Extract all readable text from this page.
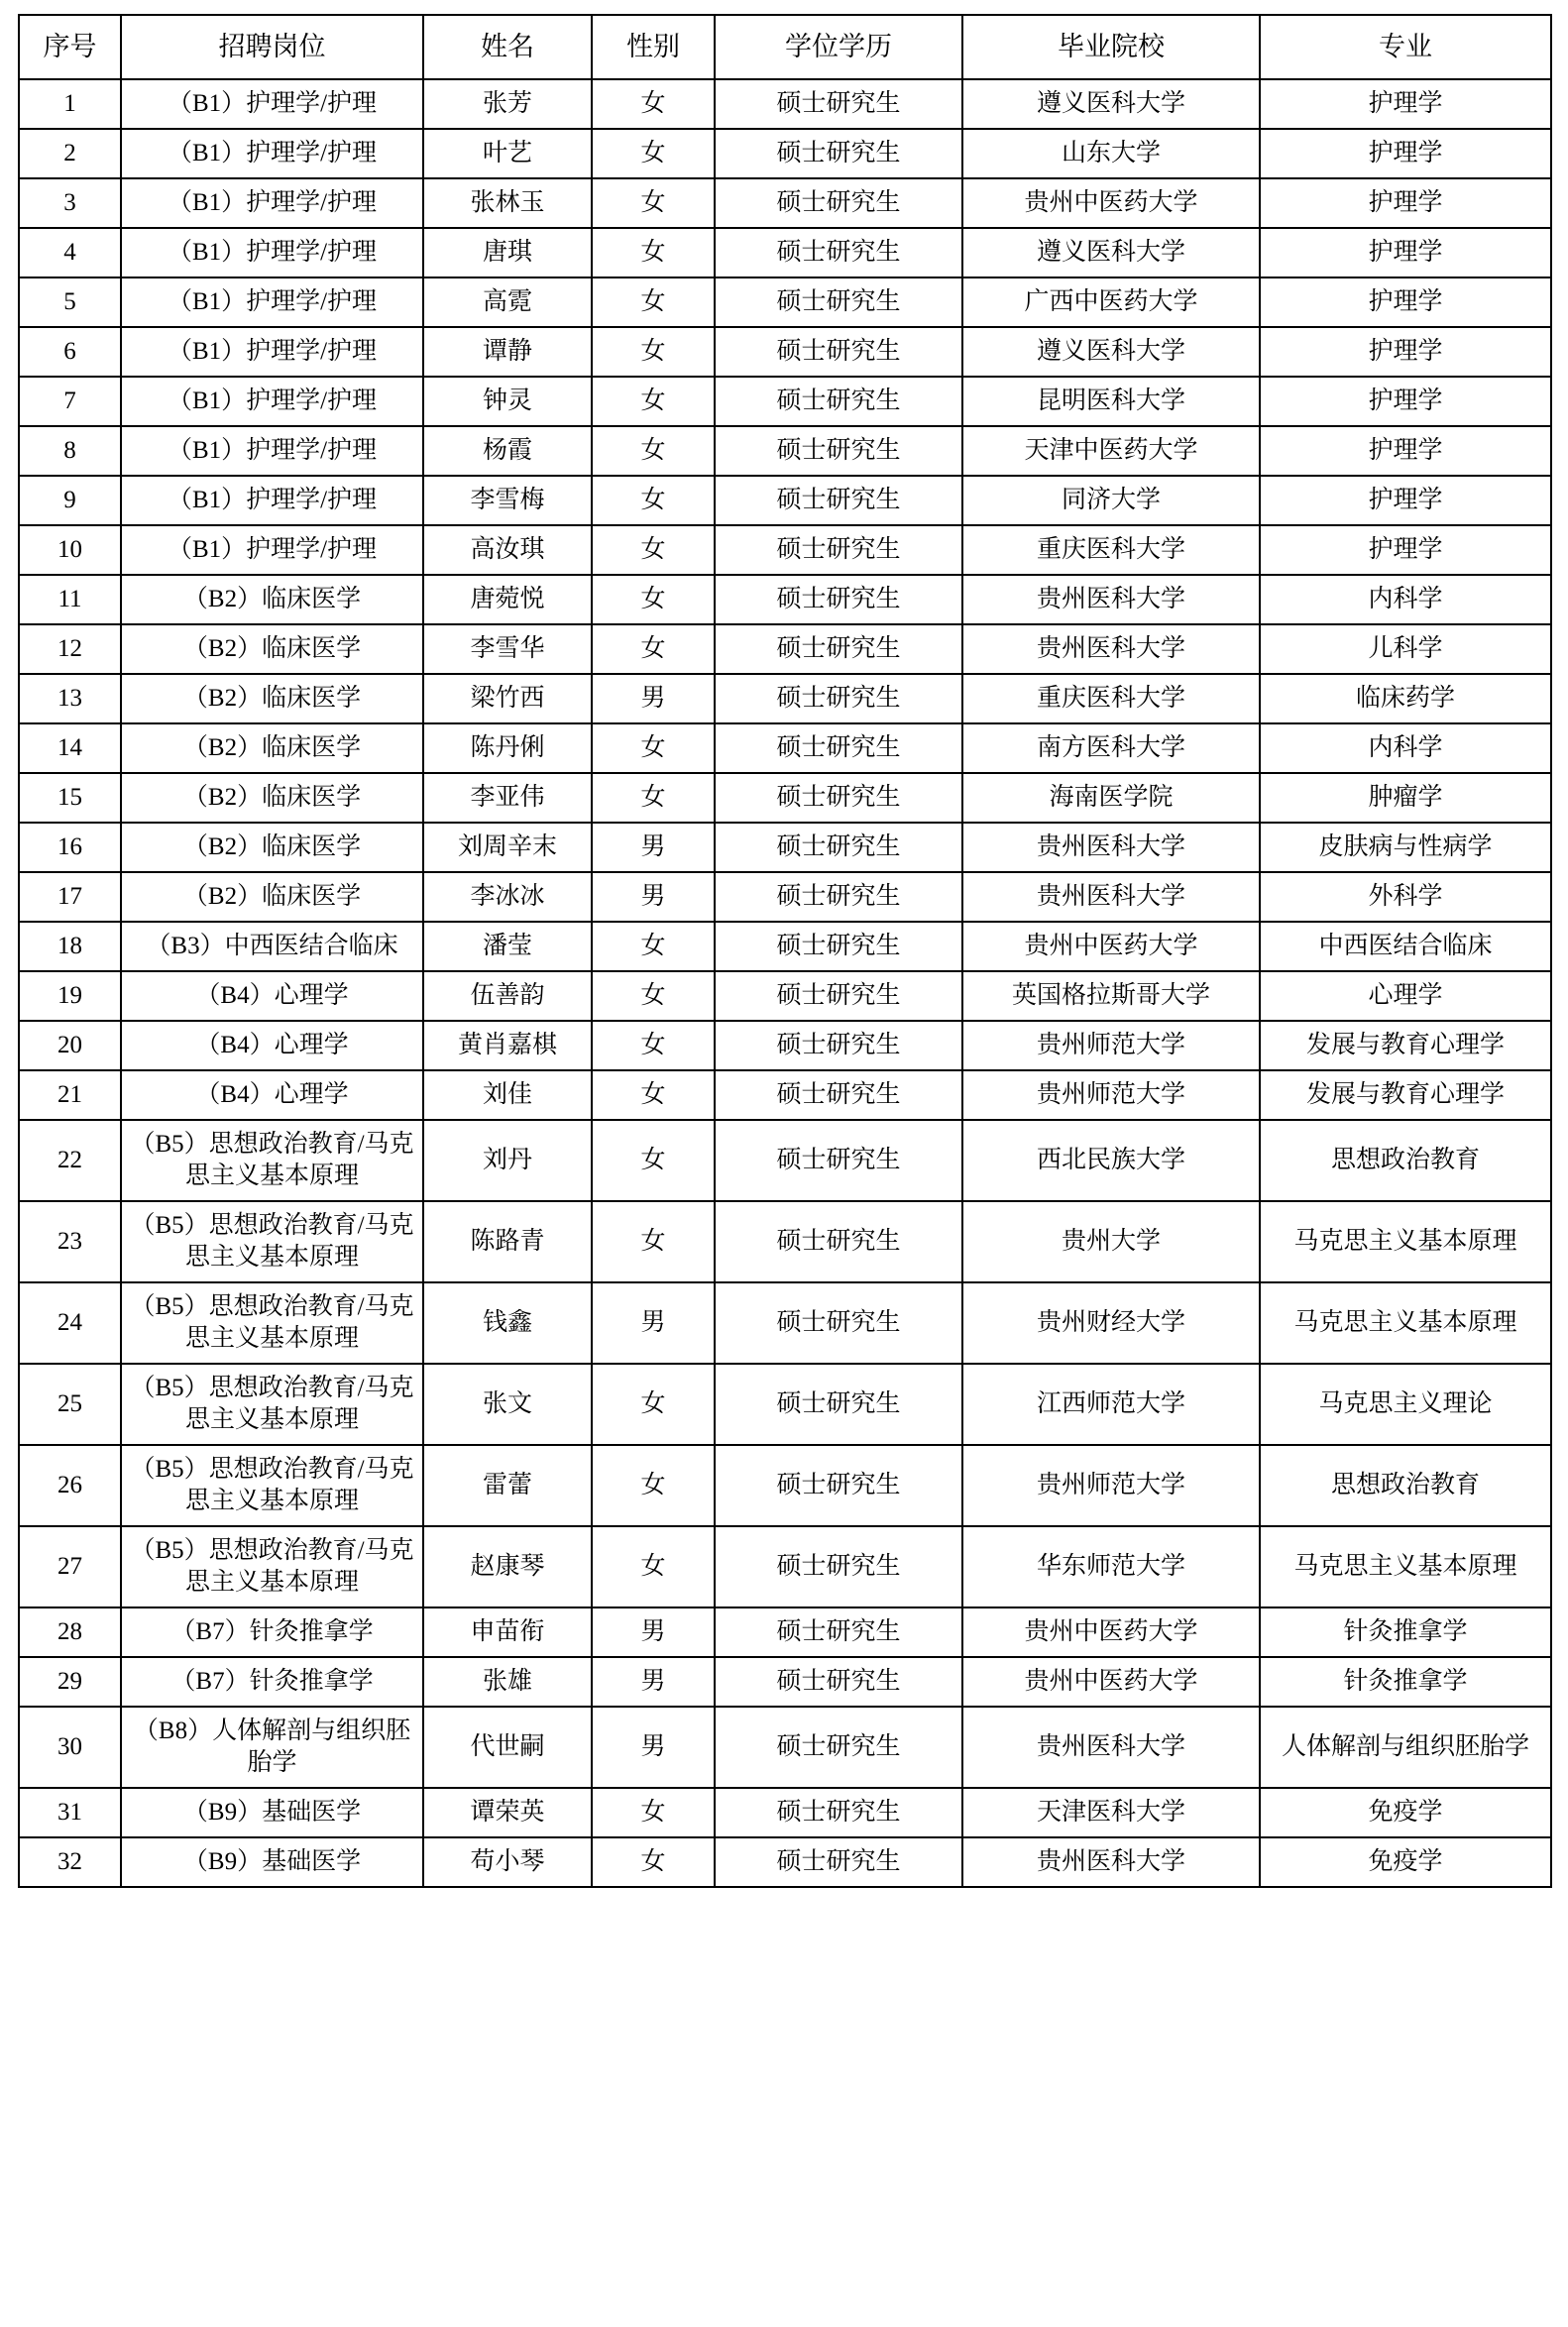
序号	招聘岗位	姓名	性别	学位学历	毕业院校	专业
1	（B1）护理学/护理	张芳	女	硕士研究生	遵义医科大学	护理学
2	（B1）护理学/护理	叶艺	女	硕士研究生	山东大学	护理学
3	（B1）护理学/护理	张林玉	女	硕士研究生	贵州中医药大学	护理学
4	（B1）护理学/护理	唐琪	女	硕士研究生	遵义医科大学	护理学
5	（B1）护理学/护理	高霓	女	硕士研究生	广西中医药大学	护理学
6	（B1）护理学/护理	谭静	女	硕士研究生	遵义医科大学	护理学
7	（B1）护理学/护理	钟灵	女	硕士研究生	昆明医科大学	护理学
8	（B1）护理学/护理	杨霞	女	硕士研究生	天津中医药大学	护理学
9	（B1）护理学/护理	李雪梅	女	硕士研究生	同济大学	护理学
10	（B1）护理学/护理	高汝琪	女	硕士研究生	重庆医科大学	护理学
11	（B2）临床医学	唐菀悦	女	硕士研究生	贵州医科大学	内科学
12	（B2）临床医学	李雪华	女	硕士研究生	贵州医科大学	儿科学
13	（B2）临床医学	梁竹西	男	硕士研究生	重庆医科大学	临床药学
14	（B2）临床医学	陈丹俐	女	硕士研究生	南方医科大学	内科学
15	（B2）临床医学	李亚伟	女	硕士研究生	海南医学院	肿瘤学
16	（B2）临床医学	刘周辛末	男	硕士研究生	贵州医科大学	皮肤病与性病学
17	（B2）临床医学	李冰冰	男	硕士研究生	贵州医科大学	外科学
18	（B3）中西医结合临床	潘莹	女	硕士研究生	贵州中医药大学	中西医结合临床
19	（B4）心理学	伍善韵	女	硕士研究生	英国格拉斯哥大学	心理学
20	（B4）心理学	黄肖嘉棋	女	硕士研究生	贵州师范大学	发展与教育心理学
21	（B4）心理学	刘佳	女	硕士研究生	贵州师范大学	发展与教育心理学
22	（B5）思想政治教育/马克思主义基本原理	刘丹	女	硕士研究生	西北民族大学	思想政治教育
23	（B5）思想政治教育/马克思主义基本原理	陈路青	女	硕士研究生	贵州大学	马克思主义基本原理
24	（B5）思想政治教育/马克思主义基本原理	钱鑫	男	硕士研究生	贵州财经大学	马克思主义基本原理
25	（B5）思想政治教育/马克思主义基本原理	张文	女	硕士研究生	江西师范大学	马克思主义理论
26	（B5）思想政治教育/马克思主义基本原理	雷蕾	女	硕士研究生	贵州师范大学	思想政治教育
27	（B5）思想政治教育/马克思主义基本原理	赵康琴	女	硕士研究生	华东师范大学	马克思主义基本原理
28	（B7）针灸推拿学	申苗衔	男	硕士研究生	贵州中医药大学	针灸推拿学
29	（B7）针灸推拿学	张雄	男	硕士研究生	贵州中医药大学	针灸推拿学
30	（B8）人体解剖与组织胚胎学	代世嗣	男	硕士研究生	贵州医科大学	人体解剖与组织胚胎学
31	（B9）基础医学	谭荣英	女	硕士研究生	天津医科大学	免疫学
32	（B9）基础医学	苟小琴	女	硕士研究生	贵州医科大学	免疫学
